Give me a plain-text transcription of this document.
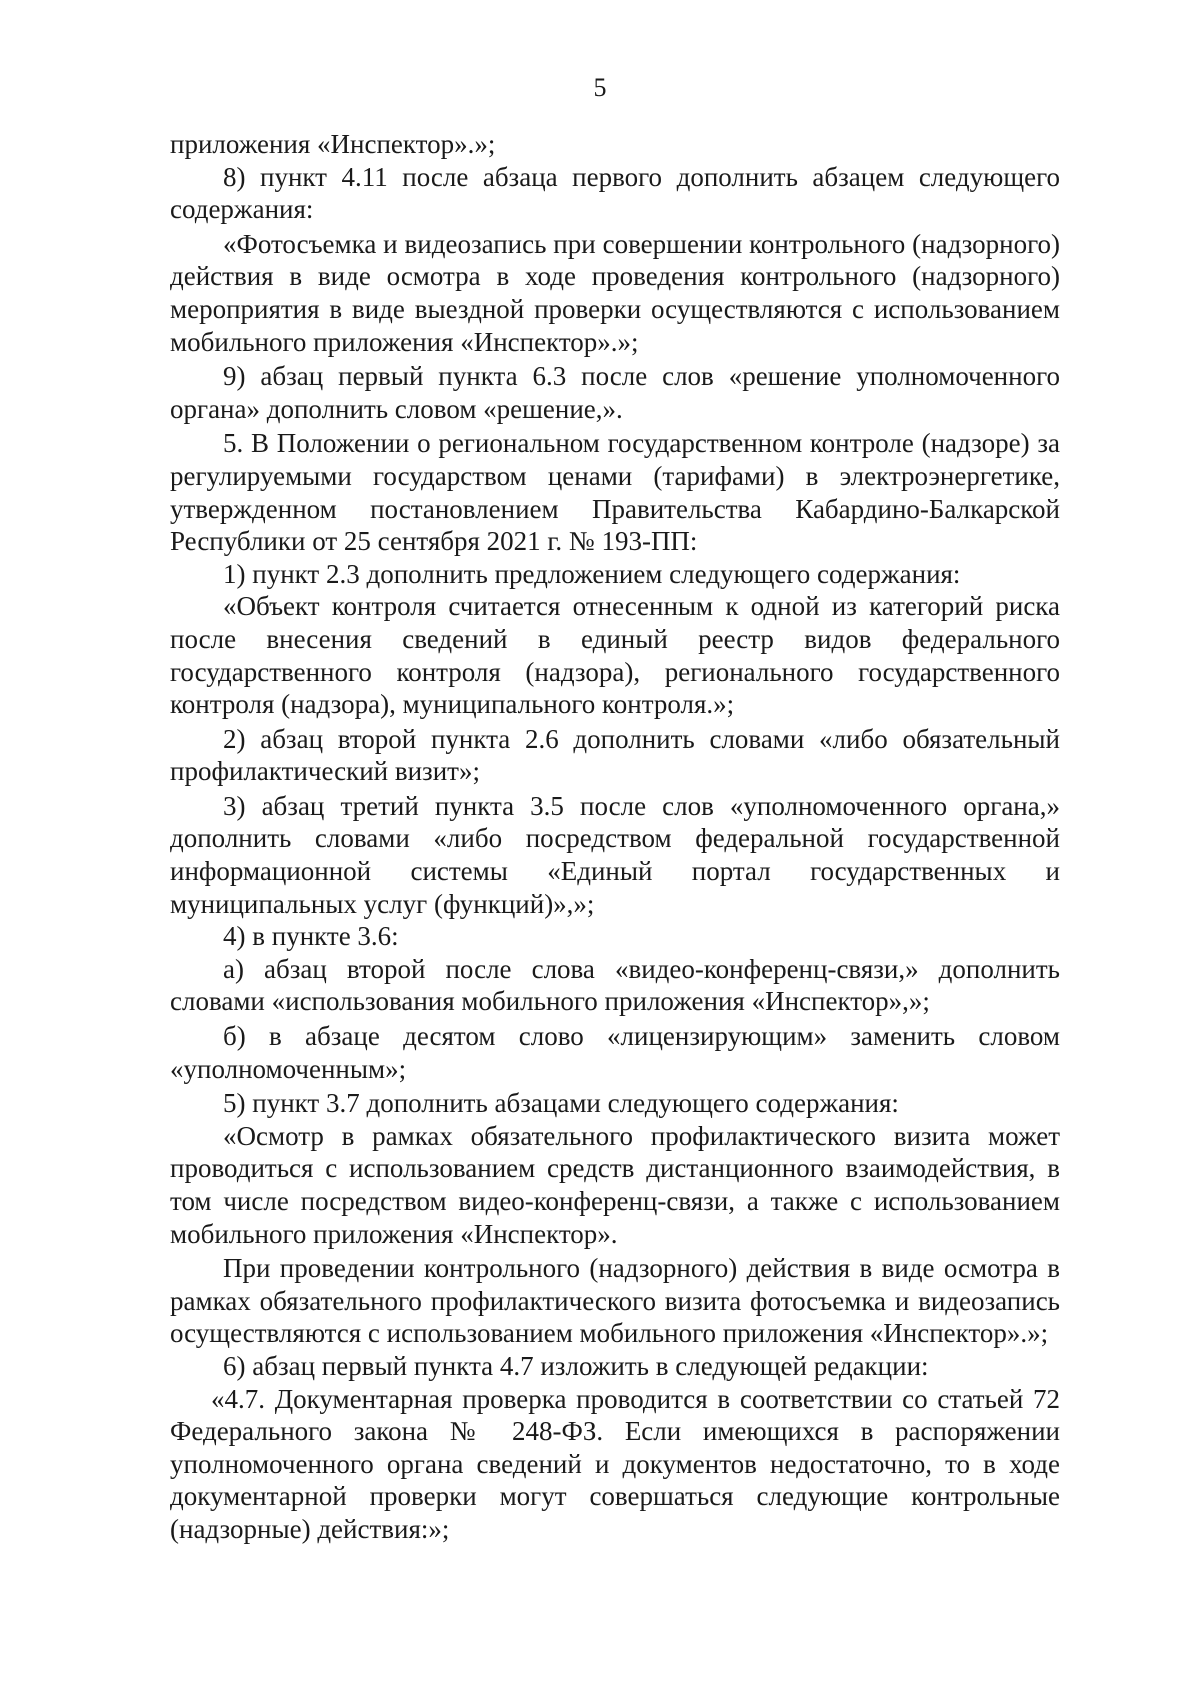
5

приложения «Инспектор».»;

8) пункт 4.11 после абзаца первого дополнить абзацем следующего содержания:

«Фотосъемка и видеозапись при совершении контрольного (надзорного) действия в виде осмотра в ходе проведения контрольного (надзорного) мероприятия в виде выездной проверки осуществляются с использованием мобильного приложения «Инспектор».»;

9) абзац первый пункта 6.3 после слов «решение уполномоченного органа» дополнить словом «решение,».

5. В Положении о региональном государственном контроле (надзоре) за регулируемыми государством ценами (тарифами) в электроэнергетике, утвержденном постановлением Правительства Кабардино-Балкарской Республики от 25 сентября 2021 г. № 193-ПП:

1) пункт 2.3 дополнить предложением следующего содержания:

«Объект контроля считается отнесенным к одной из категорий риска после внесения сведений в единый реестр видов федерального государственного контроля (надзора), регионального государственного контроля (надзора), муниципального контроля.»;

2) абзац второй пункта 2.6 дополнить словами «либо обязательный профилактический визит»;

3) абзац третий пункта 3.5 после слов «уполномоченного органа,» дополнить словами «либо посредством федеральной государственной информационной системы «Единый портал государственных и муниципальных услуг (функций)»,»;

4) в пункте 3.6:

а) абзац второй после слова «видео-конференц-связи,» дополнить словами «использования мобильного приложения «Инспектор»,»;

б) в абзаце десятом слово «лицензирующим» заменить словом «уполномоченным»;

5) пункт 3.7 дополнить абзацами следующего содержания:

«Осмотр в рамках обязательного профилактического визита может проводиться с использованием средств дистанционного взаимодействия, в том числе посредством видео-конференц-связи, а также с использованием мобильного приложения «Инспектор».

При проведении контрольного (надзорного) действия в виде осмотра в рамках обязательного профилактического визита фотосъемка и видеозапись осуществляются с использованием мобильного приложения «Инспектор».»;

6) абзац первый пункта 4.7 изложить в следующей редакции:

«4.7. Документарная проверка проводится в соответствии со статьей 72 Федерального закона № 248-ФЗ. Если имеющихся в распоряжении уполномоченного органа сведений и документов недостаточно, то в ходе документарной проверки могут совершаться следующие контрольные (надзорные) действия:»;
